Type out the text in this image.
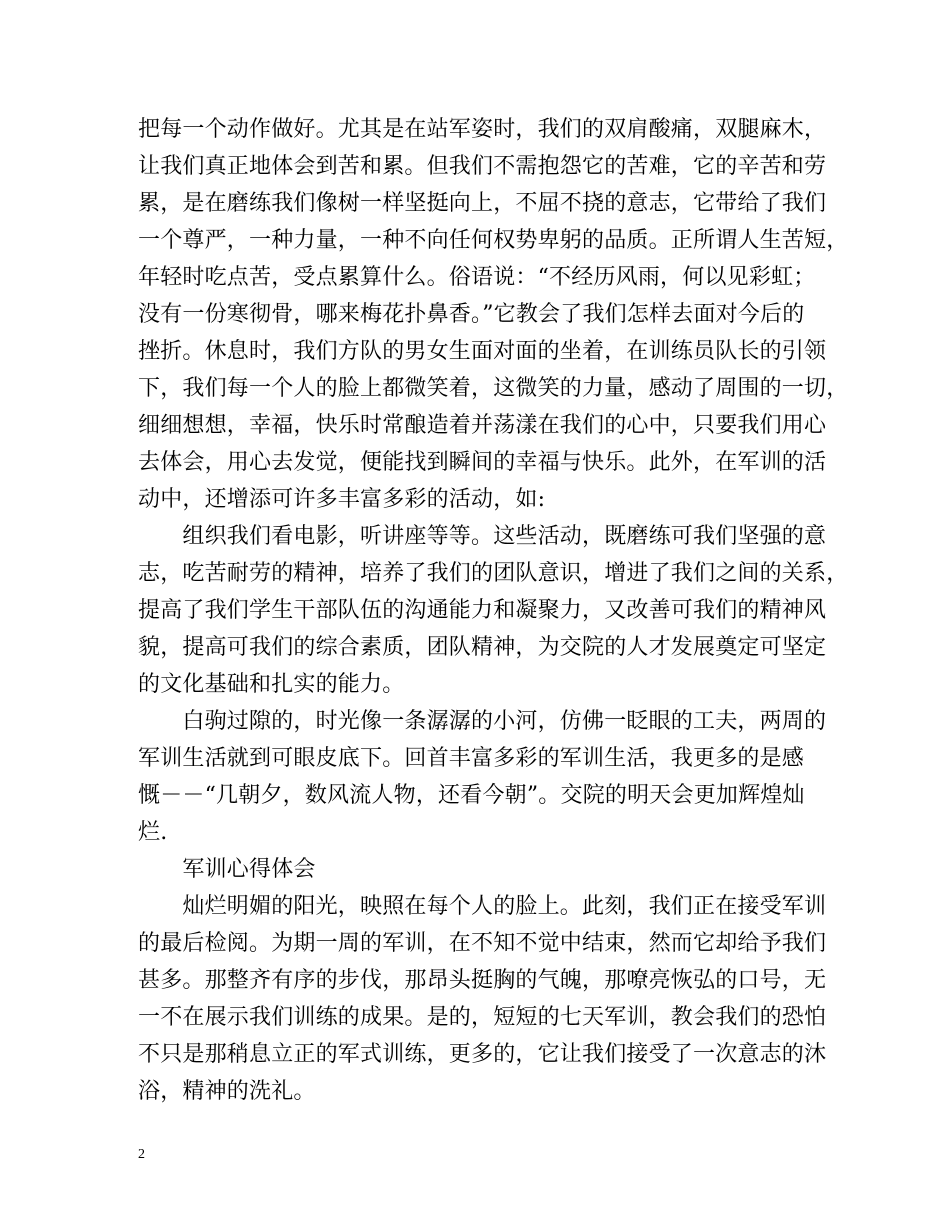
把每一个动作做好。尤其是在站军姿时，我们的双肩酸痛，双腿麻木，
让我们真正地体会到苦和累。但我们不需抱怨它的苦难，它的辛苦和劳
累，是在磨练我们像树一样坚挺向上，不屈不挠的意志，它带给了我们
一个尊严，一种力量，一种不向任何权势卑躬的品质。正所谓人生苦短，
年轻时吃点苦，受点累算什么。俗语说：“不经历风雨，何以见彩虹；
没有一份寒彻骨，哪来梅花扑鼻香。”它教会了我们怎样去面对今后的
挫折。休息时，我们方队的男女生面对面的坐着，在训练员队长的引领
下，我们每一个人的脸上都微笑着，这微笑的力量，感动了周围的一切，
细细想想，幸福，快乐时常酿造着并荡漾在我们的心中，只要我们用心
去体会，用心去发觉，便能找到瞬间的幸福与快乐。此外，在军训的活
动中，还增添可许多丰富多彩的活动，如:
　　组织我们看电影，听讲座等等。这些活动，既磨练可我们坚强的意
志，吃苦耐劳的精神，培养了我们的团队意识，增进了我们之间的关系，
提高了我们学生干部队伍的沟通能力和凝聚力，又改善可我们的精神风
貌，提高可我们的综合素质，团队精神，为交院的人才发展奠定可坚定
的文化基础和扎实的能力。
　　白驹过隙的，时光像一条潺潺的小河，仿佛一眨眼的工夫，两周的
军训生活就到可眼皮底下。回首丰富多彩的军训生活，我更多的是感
慨－－“几朝夕，数风流人物，还看今朝”。交院的明天会更加辉煌灿
烂.
　　军训心得体会
　　灿烂明媚的阳光，映照在每个人的脸上。此刻，我们正在接受军训
的最后检阅。为期一周的军训，在不知不觉中结束，然而它却给予我们
甚多。那整齐有序的步伐，那昂头挺胸的气魄，那嘹亮恢弘的口号，无
一不在展示我们训练的成果。是的，短短的七天军训，教会我们的恐怕
不只是那稍息立正的军式训练，更多的，它让我们接受了一次意志的沐
浴，精神的洗礼。
2
